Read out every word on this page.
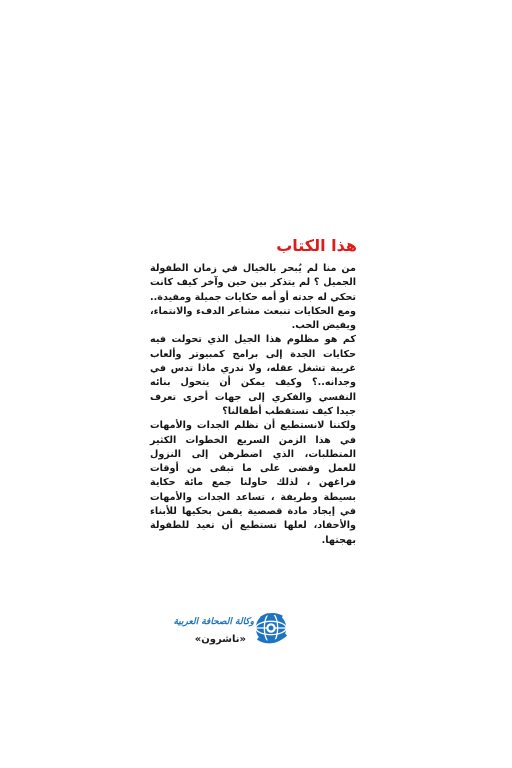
هذا الكتاب

من منا لم يُبحر بالخيال في زمان الطفولة الجميل ؟ لم يتذكر بين حين وآخر كيف كانت تحكي له جدته أو أمه حكايات جميلة ومفيدة.. ومع الحكايات تنبعث مشاعر الدفء والانتماء، ويفيض الحب.

كم هو مظلوم هذا الجيل الذي تحولت فيه حكايات الجدة إلى برامج كمبيوتر وألعاب غريبة تشغل عقله، ولا ندري ماذا تدس في وجدانه..؟ وكيف يمكن أن يتحول بنائه النفسي والفكري إلى جهات أخرى تعرف جيدا كيف تستقطب أطفالنا؟

ولكننا لانستطيع أن نظلم الجدات والأمهات في هذا الزمن السريع الخطوات الكثير المتطلبات، الذي اضطرهن إلى النزول للعمل وقضى على ما تبقى من أوقات فراغهن ، لذلك حاولنا جمع مائة حكاية بسيطة وطريفة ، تساعد الجدات والأمهات في إيجاد مادة قصصية يقمن بحكيها للأبناء والأحفاد، لعلها تستطيع أن تعيد للطفولة بهجتها.

وكالة الصحافة العربية
«ناشرون»
